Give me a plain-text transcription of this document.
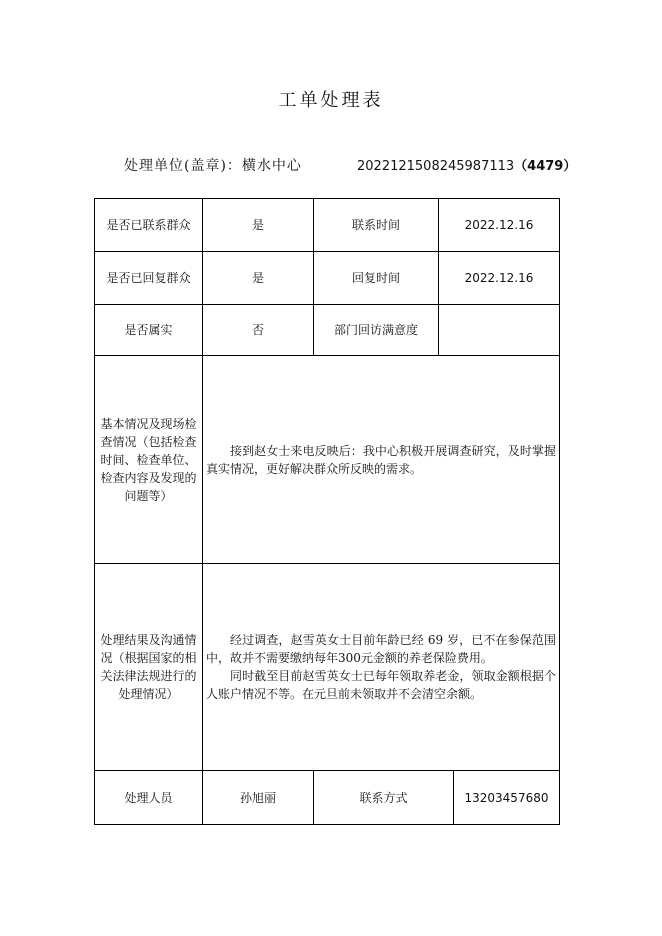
工单处理表
处理单位(盖章)：横水中心	2022121508245987113（4479）
是否已联系群众	是	联系时间	2022.12.16
是否已回复群众	是	回复时间	2022.12.16
是否属实	否	部门回访满意度	
基本情况及现场检查情况（包括检查时间、检查单位、检查内容及发现的问题等）	接到赵女士来电反映后：我中心积极开展调查研究，及时掌握真实情况，更好解决群众所反映的需求。		

处理结果及沟通情况（根据国家的相关法律法规进行的处理情况）	经过调查，赵雪英女士目前年龄已经 69 岁，已不在参保范围中，故并不需要缴纳每年300元金额的养老保险费用。

同时截至目前赵雪英女士已每年领取养老金，领取金额根据个人账户情况不等。在元旦前未领取并不会清空余额。		

处理人员	孙旭丽	联系方式 13203457680	
